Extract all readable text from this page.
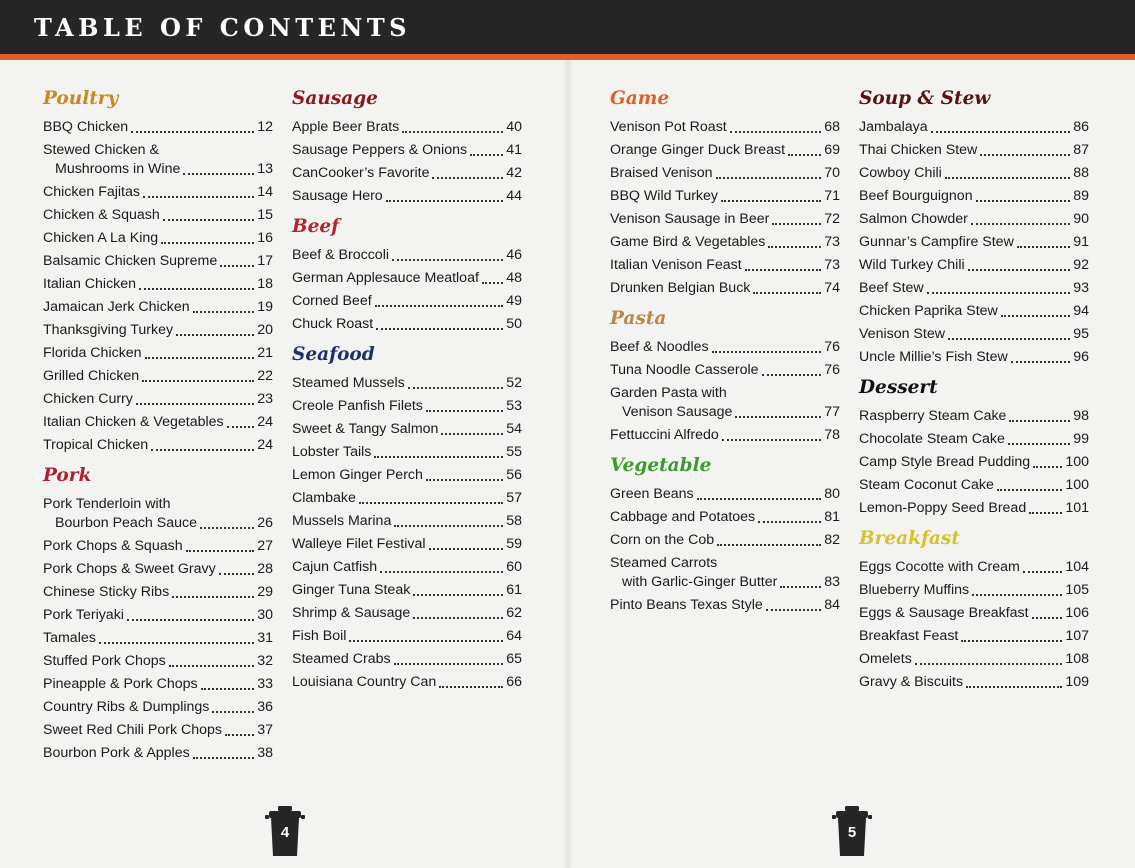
TABLE OF CONTENTS
Poultry
BBQ Chicken	12
Stewed Chicken &
Mushrooms in Wine	13
Chicken Fajitas	14
Chicken & Squash	15
Chicken A La King	16
Balsamic Chicken Supreme	17
Italian Chicken	18
Jamaican Jerk Chicken	19
Thanksgiving Turkey	20
Florida Chicken	21
Grilled Chicken	22
Chicken Curry	23
Italian Chicken & Vegetables 24
Tropical Chicken	24
Pork
Pork Tenderloin with
Bourbon Peach Sauce	26
Pork Chops & Squash	27
Pork Chops & Sweet Gravy	28
Chinese Sticky Ribs	29
Pork Teriyaki	30
Tamales	31
Stuffed Pork Chops	32
Pineapple & Pork Chops	33
Country Ribs & Dumplings	36
Sweet Red Chili Pork Chops 37
Bourbon Pork & Apples	38
Sausage
Apple Beer Brats	40
Sausage Peppers & Onions	41
CanCooker’s Favorite	42
Sausage Hero	44
Beef
Beef & Broccoli	46
German Applesauce Meatloaf 48
Corned Beef	49
Chuck Roast	50
Seafood
Steamed Mussels	52
Creole Panfish Filets	53
Sweet & Tangy Salmon	54
Lobster Tails	55
Lemon Ginger Perch	56
Clambake	57
Mussels Marina	58
Walleye Filet Festival	59
Cajun Catfish	60
Ginger Tuna Steak	61
Shrimp & Sausage	62
Fish Boil	64
Steamed Crabs	65
Louisiana Country Can	66
Game
Venison Pot Roast	68
Orange Ginger Duck Breast	69
Braised Venison	70
BBQ Wild Turkey	71
Venison Sausage in Beer	72
Game Bird & Vegetables	73
Italian Venison Feast	73
Drunken Belgian Buck	74
Pasta
Beef & Noodles	76
Tuna Noodle Casserole	76
Garden Pasta with
Venison Sausage	77
Fettuccini Alfredo	78
Vegetable
Green Beans	80
Cabbage and Potatoes	81
Corn on the Cob	82
Steamed Carrots
with Garlic-Ginger Butter	83
Pinto Beans Texas Style	84
Soup & Stew
Jambalaya	86
Thai Chicken Stew	87
Cowboy Chili	88
Beef Bourguignon	89
Salmon Chowder	90
Gunnar’s Campfire Stew	91
Wild Turkey Chili	92
Beef Stew	93
Chicken Paprika Stew	94
Venison Stew	95
Uncle Millie’s Fish Stew	96
Dessert
Raspberry Steam Cake	98
Chocolate Steam Cake	99
Camp Style Bread Pudding 100
Steam Coconut Cake	100
Lemon-Poppy Seed Bread	101
Breakfast
Eggs Cocotte with Cream	104
Blueberry Muffins	105
Eggs & Sausage Breakfast	106
Breakfast Feast	107
Omelets	108
Gravy & Biscuits	109
4	5
